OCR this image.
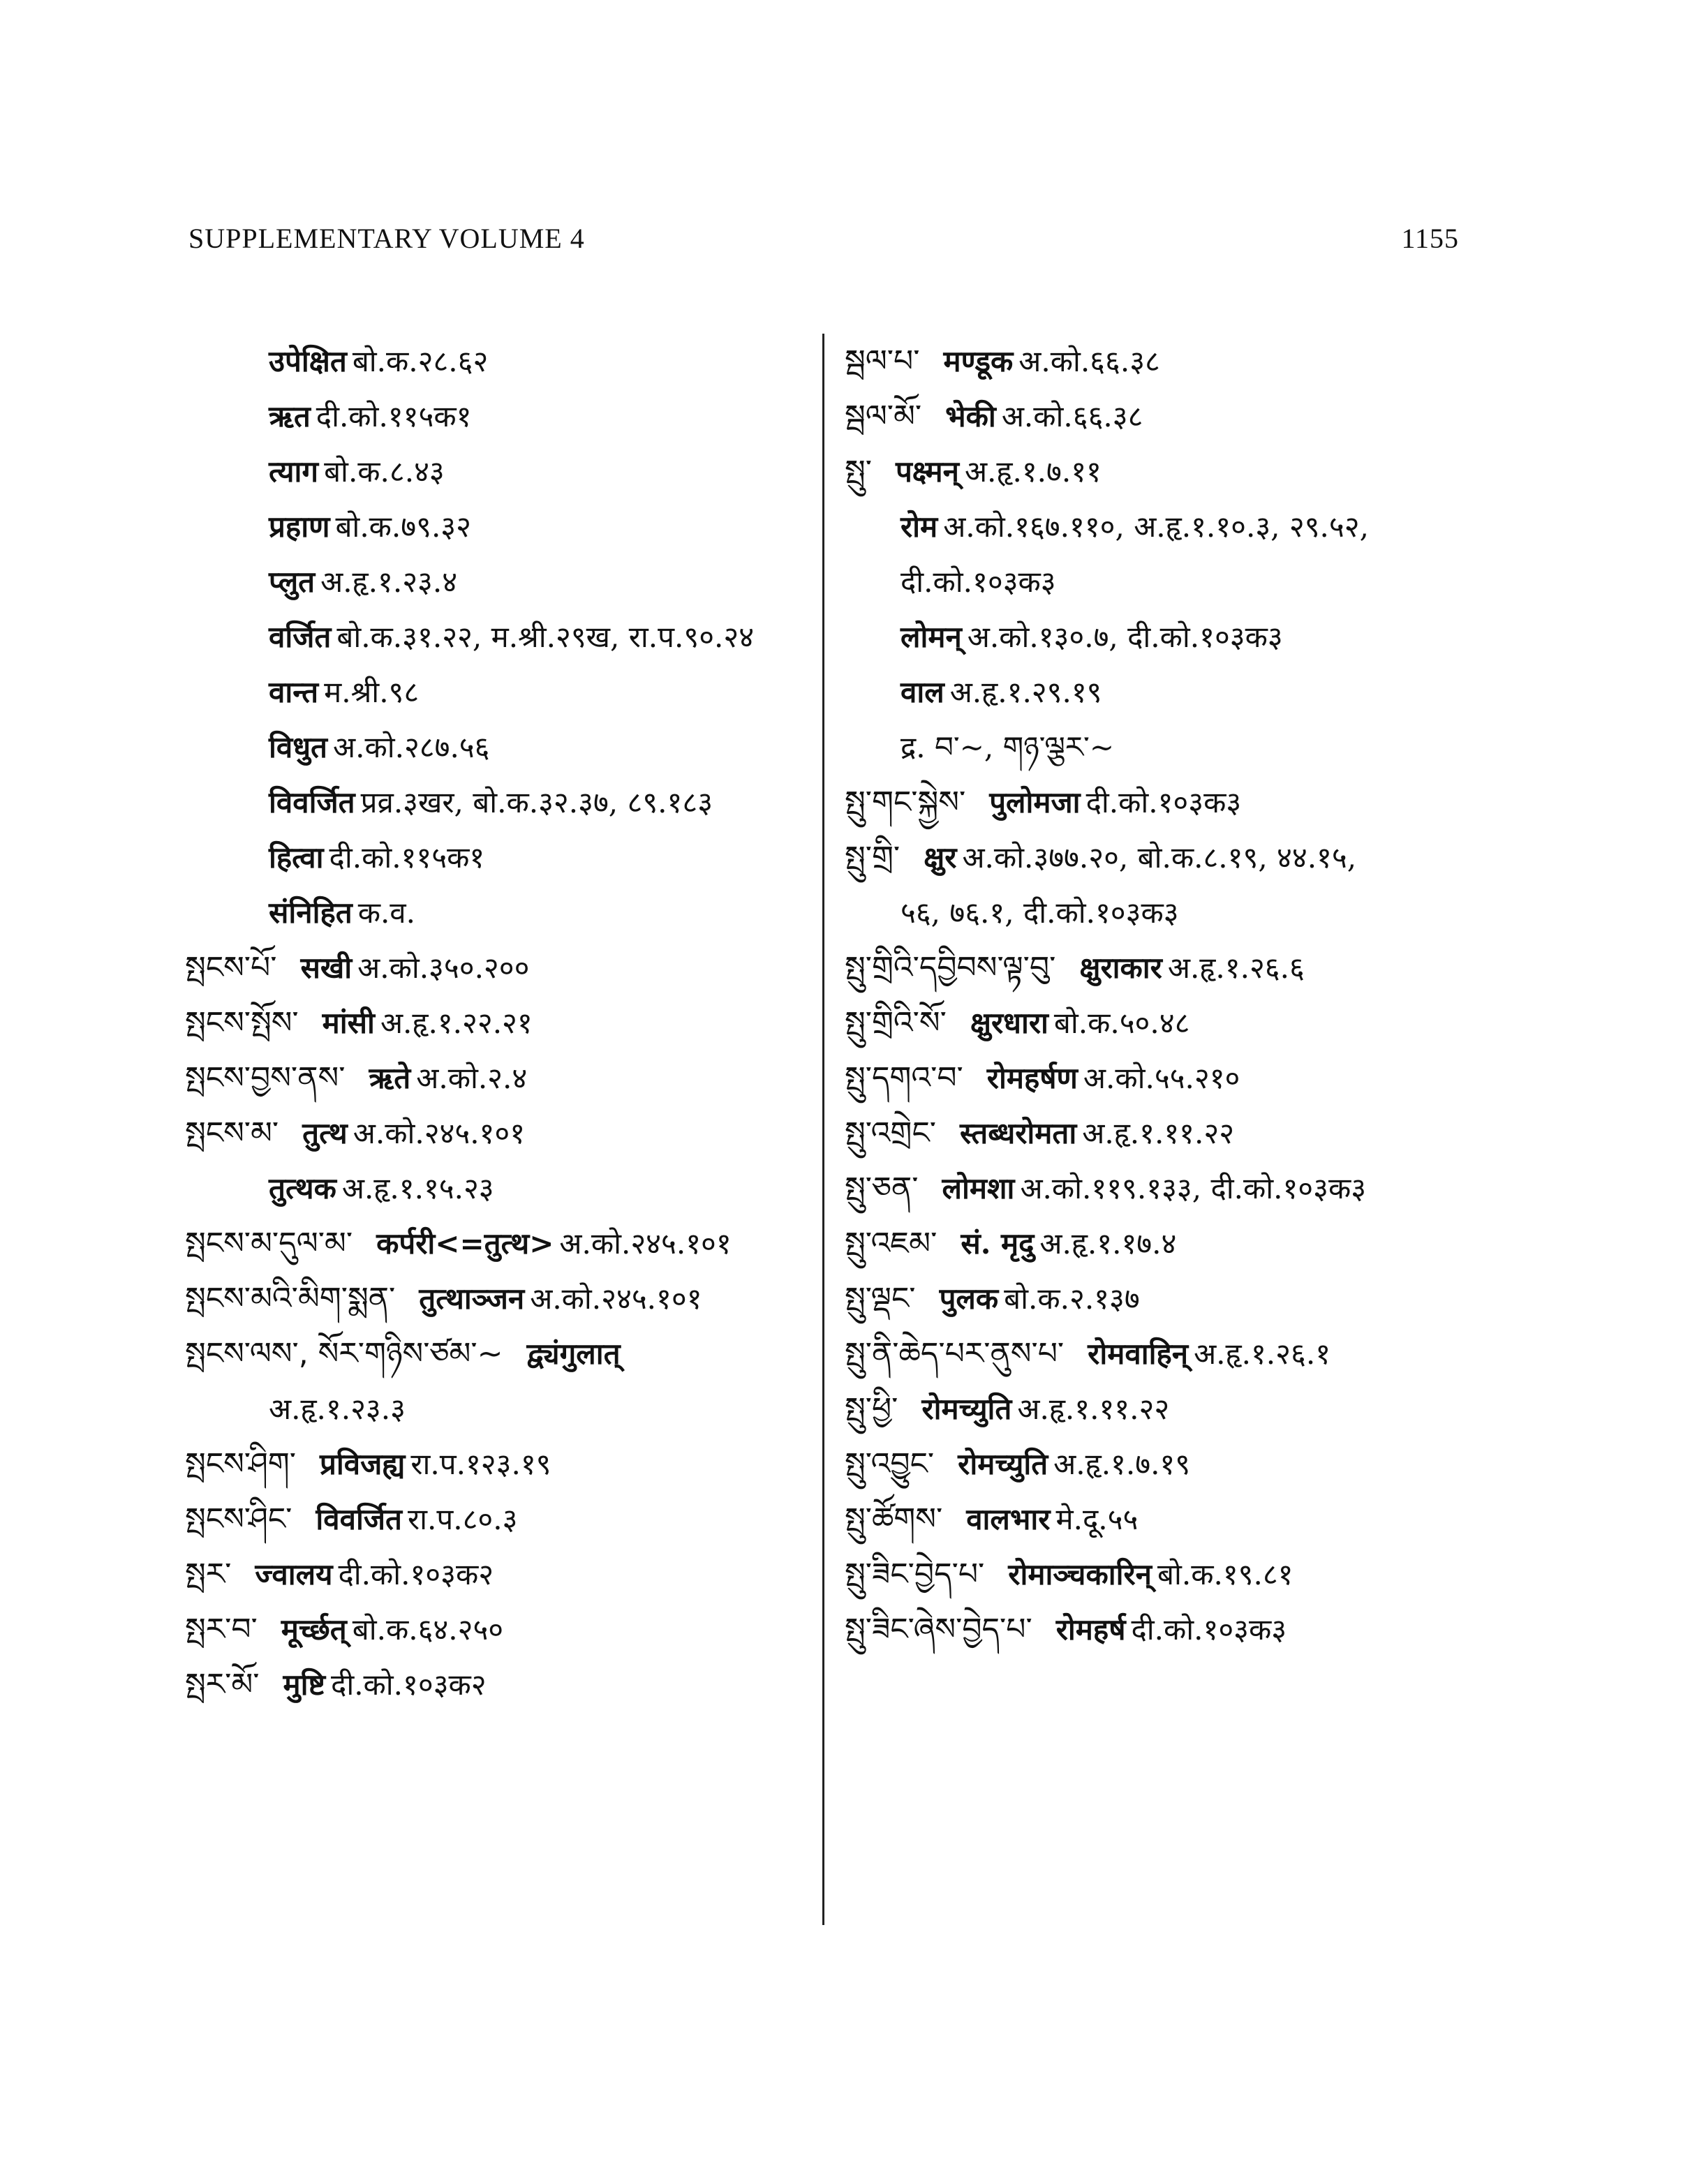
SUPPLEMENTARY VOLUME 4	1155
उपेक्षित बो.क.२८.६२
ऋत दी.को.११५क१
त्याग बो.क.८.४३
प्रहाण बो.क.७९.३२
प्लुत अ.हृ.१.२३.४
वर्जित बो.क.३१.२२, म.श्री.२९ख, रा.प.९०.२४
वान्त म.श्री.९८
विधुत अ.को.२८७.५६
विवर्जित प्रव्र.३खर, बो.क.३२.३७, ८९.१८३
हित्वा दी.को.११५क१
संनिहित क.व.
སྤངས་པོ་ सखी अ.को.३५०.२००
སྤངས་སྤོས་ मांसी अ.हृ.१.२२.२१
སྤངས་བྱས་ནས་ ऋते अ.को.२.४
སྤངས་མ་ तुत्थ अ.को.२४५.१०१
तुत्थक अ.हृ.१.१५.२३
སྤངས་མ་དུལ་མ་ कर्परी<=तुत्थ> अ.को.२४५.१०१
སྤངས་མའི་མིག་སྨན་ तुत्थाञ्जन अ.को.२४५.१०१
སྤངས་ལས་, སོར་གཉིས་ཙམ་~ द्व्यंगुलात्
अ.हृ.१.२३.३
སྤངས་ཤིག་ प्रविजह्य रा.प.१२३.१९
སྤངས་ཤིང་ विवर्जित रा.प.८०.३
སྤར་ ज्वालय दी.को.१०३क२
སྤར་བ་ मूर्च्छत् बो.क.६४.२५०
སྤར་མོ་ मुष्टि दी.को.१०३क२
སྦལ་པ་ मण्डूक अ.को.६६.३८
སྦལ་མོ་ भेकी अ.को.६६.३८
སྤུ་ पक्ष्मन् अ.हृ.१.७.११
रोम अ.को.१६७.११०, अ.हृ.१.१०.३, २९.५२,
दी.को.१०३क३
लोमन् अ.को.१३०.७, दी.को.१०३क३
वाल अ.हृ.१.२९.१९
द्र. བ་~, གཉ་ལྕར་~
སྤུ་གང་སྐྱེས་ पुलोमजा दी.को.१०३क३
སྤུ་གྲི་ क्षुर अ.को.३७७.२०, बो.क.८.१९, ४४.१५,
५६, ७६.१, दी.को.१०३क३
སྤུ་གྲིའི་དབྱིབས་ལྟ་བུ་ क्षुराकार अ.हृ.१.२६.६
སྤུ་གྲིའི་སོ་ क्षुरधारा बो.क.५०.४८
སྤུ་དགའ་བ་ रोमहर्षण अ.को.५५.२१०
སྤུ་འགྲེང་ स्तब्धरोमता अ.हृ.१.११.२२
སྤུ་ཅན་ लोमशा अ.को.११९.१३३, दी.को.१०३क३
སྤུ་འཇམ་ सं. मृदु अ.हृ.१.१७.४
སྤུ་ལྡང་ पुलक बो.क.२.१३७
སྤུ་ནི་ཆེད་པར་ནུས་པ་ रोमवाहिन् अ.हृ.१.२६.१
སྤུ་ཕྱི་ रोमच्युति अ.हृ.१.११.२२
སྤུ་འབྱུང་ रोमच्युति अ.हृ.१.७.१९
སྤུ་ཚོགས་ वालभार मे.दू.५५
སྤུ་ཟིང་བྱེད་པ་ रोमाञ्चकारिन् बो.क.१९.८१
སྤུ་ཟིང་ཞེས་བྱེད་པ་ रोमहर्ष दी.को.१०३क३
